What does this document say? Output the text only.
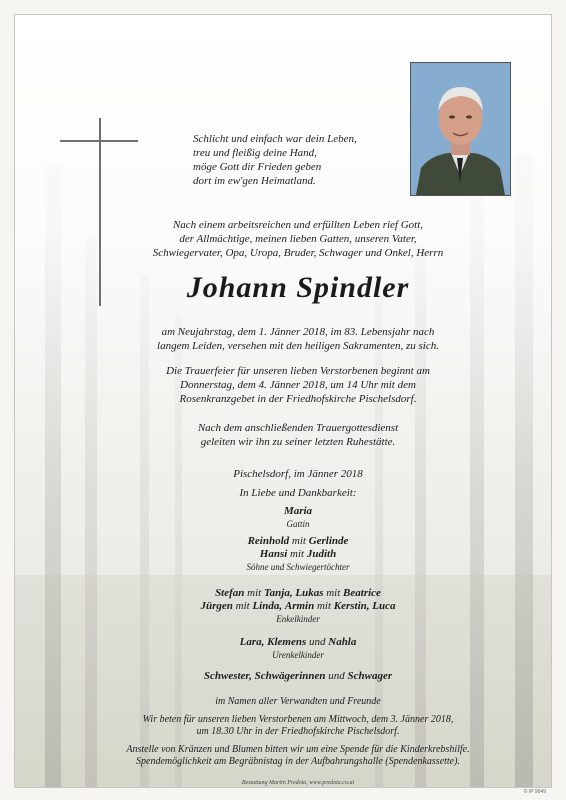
Schlicht und einfach war dein Leben,
treu und fleißig deine Hand,
möge Gott dir Frieden geben
dort im ew'gen Heimatland.
Nach einem arbeitsreichen und erfüllten Leben rief Gott,
der Allmächtige, meinen lieben Gatten, unseren Vater,
Schwiegervater, Opa, Uropa, Bruder, Schwager und Onkel, Herrn
Johann Spindler
am Neujahrstag, dem 1. Jänner 2018, im 83. Lebensjahr nach
langem Leiden, versehen mit den heiligen Sakramenten, zu sich.
Die Trauerfeier für unseren lieben Verstorbenen beginnt am
Donnerstag, dem 4. Jänner 2018, um 14 Uhr mit dem
Rosenkranzgebet in der Friedhofskirche Pischelsdorf.
Nach dem anschließenden Trauergottesdienst
geleiten wir ihn zu seiner letzten Ruhestätte.
Pischelsdorf, im Jänner 2018
In Liebe und Dankbarkeit:
Maria
Gattin
Reinhold mit Gerlinde
Hansi mit Judith
Söhne und Schwiegertöchter
Stefan mit Tanja, Lukas mit Beatrice
Jürgen mit Linda, Armin mit Kerstin, Luca
Enkelkinder
Lara, Klemens und Nahla
Urenkelkinder
Schwester, Schwägerinnen und Schwager
im Namen aller Verwandten und Freunde
Wir beten für unseren lieben Verstorbenen am Mittwoch, dem 3. Jänner 2018,
um 18.30 Uhr in der Friedhofskirche Pischelsdorf.
Anstelle von Kränzen und Blumen bitten wir um eine Spende für die Kinderkrebshilfe.
Spendemöglichkeit am Begräbnistag in der Aufbahrungshalle (Spendenkassette).
Bestattung Martin Predota, www.predota.co.at
© IP 9049
